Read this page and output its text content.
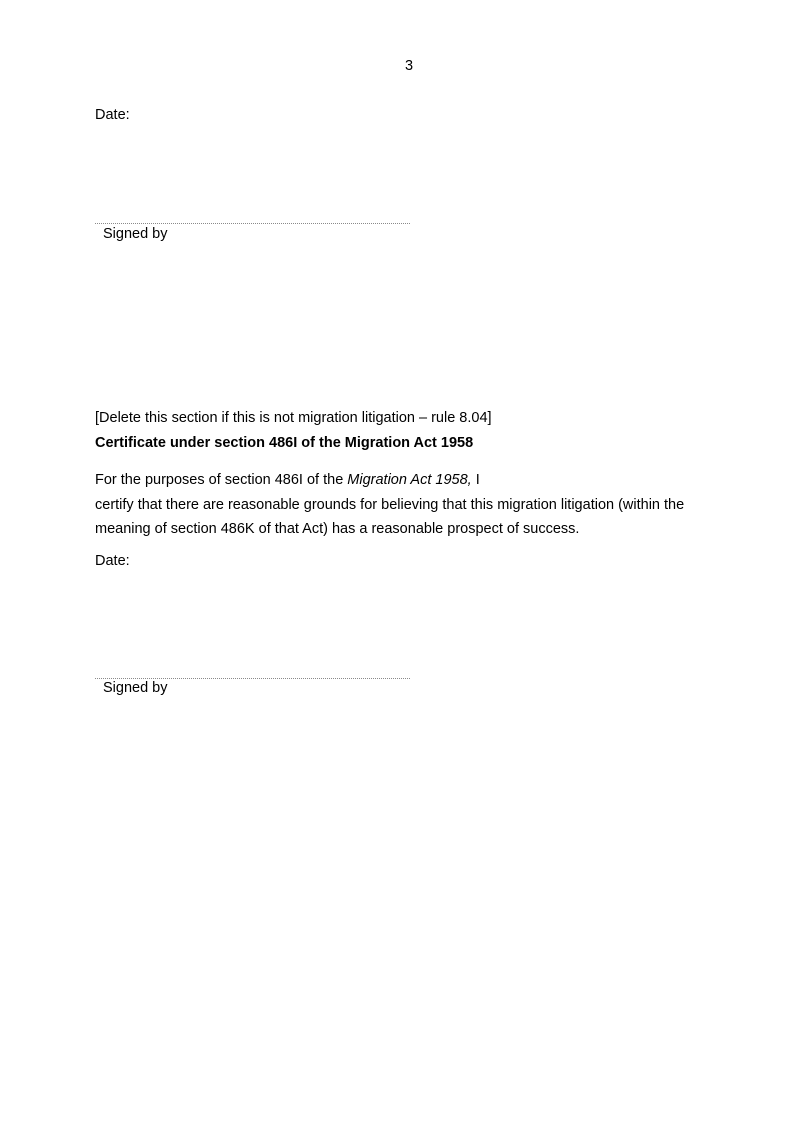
3
Date:
Signed by
[Delete this section if this is not migration litigation – rule 8.04]
Certificate under section 486I of the Migration Act 1958
For the purposes of section 486I of the Migration Act 1958, I
certify that there are reasonable grounds for believing that this migration litigation (within the
meaning of section 486K of that Act) has a reasonable prospect of success.
Date:
Signed by
